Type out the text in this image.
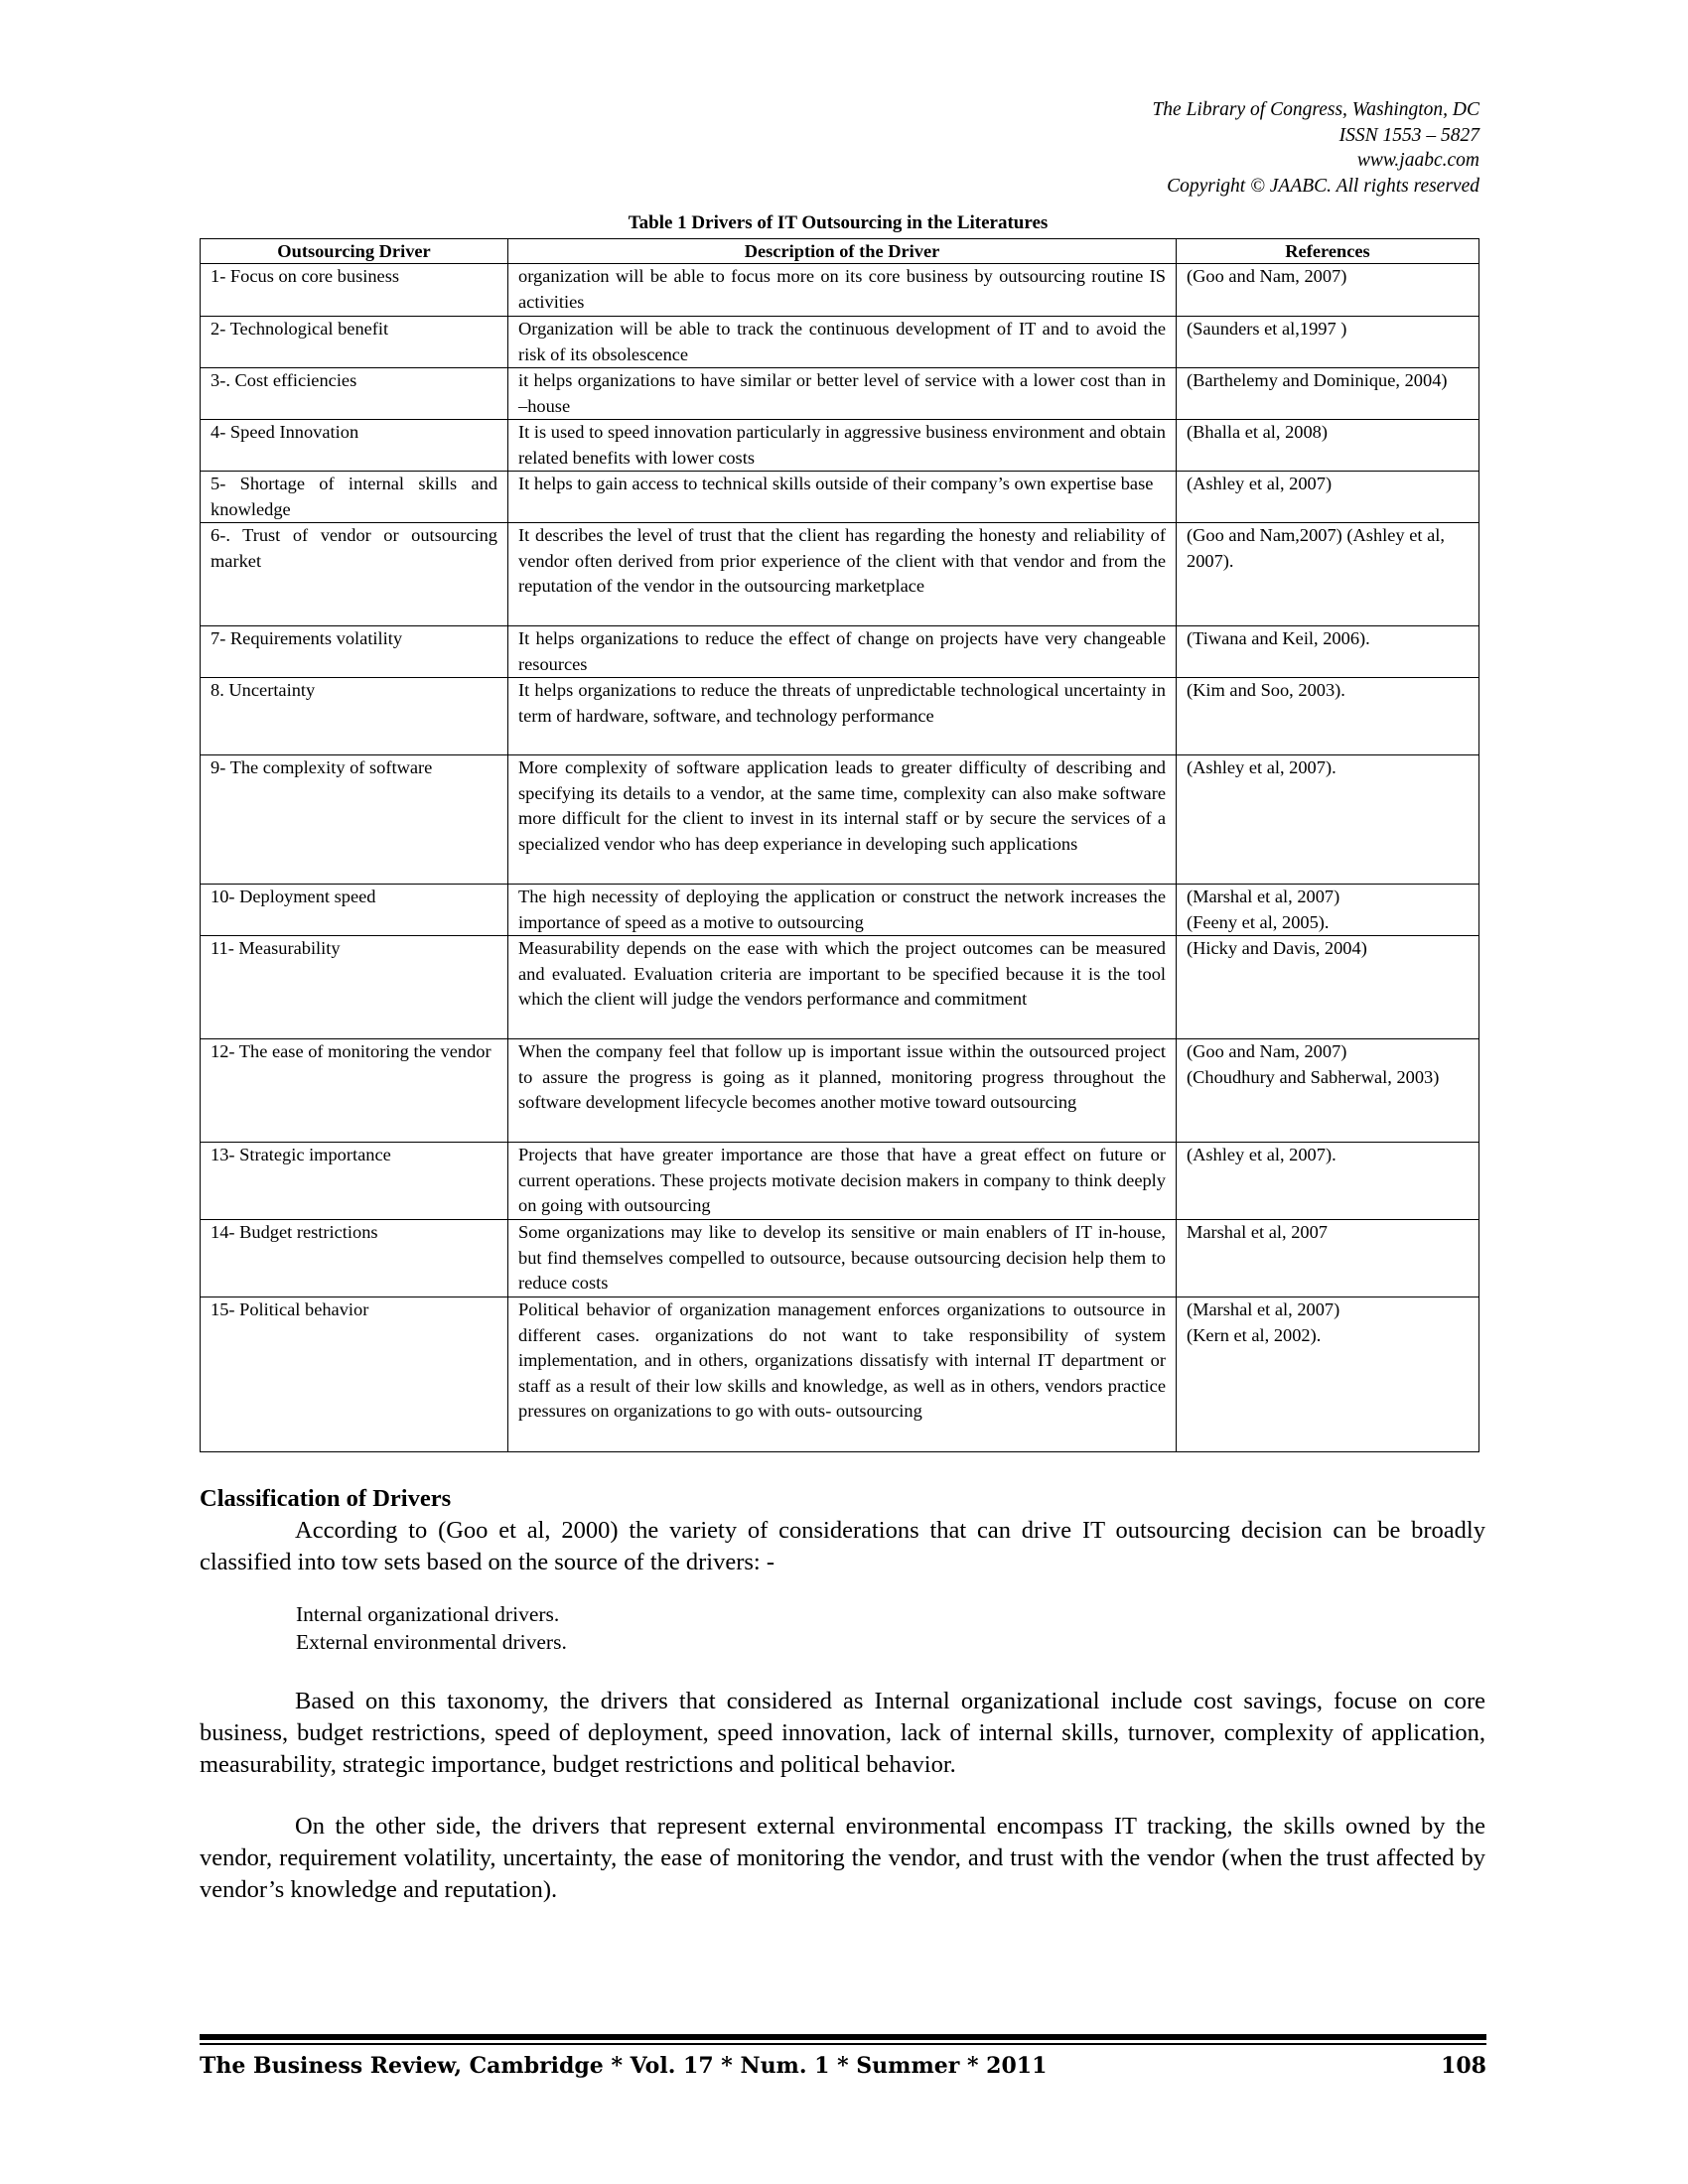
The Library of Congress, Washington, DC
ISSN 1553 – 5827
www.jaabc.com
Copyright © JAABC. All rights reserved
Table 1 Drivers of IT Outsourcing in the Literatures
Outsourcing Driver	Description of the Driver	References
1- Focus on core business	organization will be able to focus more on its core business by outsourcing routine IS activities	(Goo and Nam, 2007)
2- Technological benefit	Organization will be able to track the continuous development of IT and to avoid the risk of its obsolescence	(Saunders et al,1997 )
3-. Cost efficiencies	it helps organizations to have similar or better level of service with a lower cost than in –house	(Barthelemy and Dominique, 2004)
4- Speed Innovation	It is used to speed innovation particularly in aggressive business environment and obtain related benefits with lower costs	(Bhalla et al, 2008)
5- Shortage of internal skills and knowledge	It helps to gain access to technical skills outside of their company’s own expertise base	(Ashley et al, 2007)
6-. Trust of vendor or outsourcing market	It describes the level of trust that the client has regarding the honesty and reliability of vendor often derived from prior experience of the client with that vendor and from the reputation of the vendor in the outsourcing marketplace	(Goo and Nam,2007) (Ashley et al, 2007).
7- Requirements volatility	It helps organizations to reduce the effect of change on projects have very changeable resources	(Tiwana and Keil, 2006).
8. Uncertainty	It helps organizations to reduce the threats of unpredictable technological uncertainty in term of hardware, software, and technology performance	(Kim and Soo, 2003).
9- The complexity of software	More complexity of software application leads to greater difficulty of describing and specifying its details to a vendor, at the same time, complexity can also make software more difficult for the client to invest in its internal staff or by secure the services of a specialized vendor who has deep experiance in developing such applications	(Ashley et al, 2007).
10- Deployment speed	The high necessity of deploying the application or construct the network increases the importance of speed as a motive to outsourcing	(Marshal et al, 2007)
(Feeny et al, 2005).
11- Measurability	Measurability depends on the ease with which the project outcomes can be measured and evaluated. Evaluation criteria are important to be specified because it is the tool which the client will judge the vendors performance and commitment	(Hicky and Davis, 2004)
12- The ease of monitoring the vendor	When the company feel that follow up is important issue within the outsourced project to assure the progress is going as it planned, monitoring progress throughout the software development lifecycle becomes another motive toward outsourcing	(Goo and Nam, 2007)
(Choudhury and Sabherwal, 2003)
13- Strategic importance	Projects that have greater importance are those that have a great effect on future or current operations. These projects motivate decision makers in company to think deeply on going with outsourcing	(Ashley et al, 2007).
14- Budget restrictions	Some organizations may like to develop its sensitive or main enablers of IT in-house, but find themselves compelled to outsource, because outsourcing decision help them to reduce costs	Marshal et al, 2007
15- Political behavior	Political behavior of organization management enforces organizations to outsource in different cases. organizations do not want to take responsibility of system implementation, and in others, organizations dissatisfy with internal IT department or staff as a result of their low skills and knowledge, as well as in others, vendors practice pressures on organizations to go with outs- outsourcing	(Marshal et al, 2007)
(Kern et al, 2002).
Classification of Drivers

According to (Goo et al, 2000) the variety of considerations that can drive IT outsourcing decision can be broadly classified into tow sets based on the source of the drivers: -

Internal organizational drivers.
External environmental drivers.

Based on this taxonomy, the drivers that considered as Internal organizational include cost savings, focuse on core business, budget restrictions, speed of deployment, speed innovation, lack of internal skills, turnover, complexity of application, measurability, strategic importance, budget restrictions and political behavior.

On the other side, the drivers that represent external environmental encompass IT tracking, the skills owned by the vendor, requirement volatility, uncertainty, the ease of monitoring the vendor, and trust with the vendor (when the trust affected by vendor’s knowledge and reputation).

The Business Review, Cambridge * Vol. 17 * Num. 1 * Summer * 2011	108
